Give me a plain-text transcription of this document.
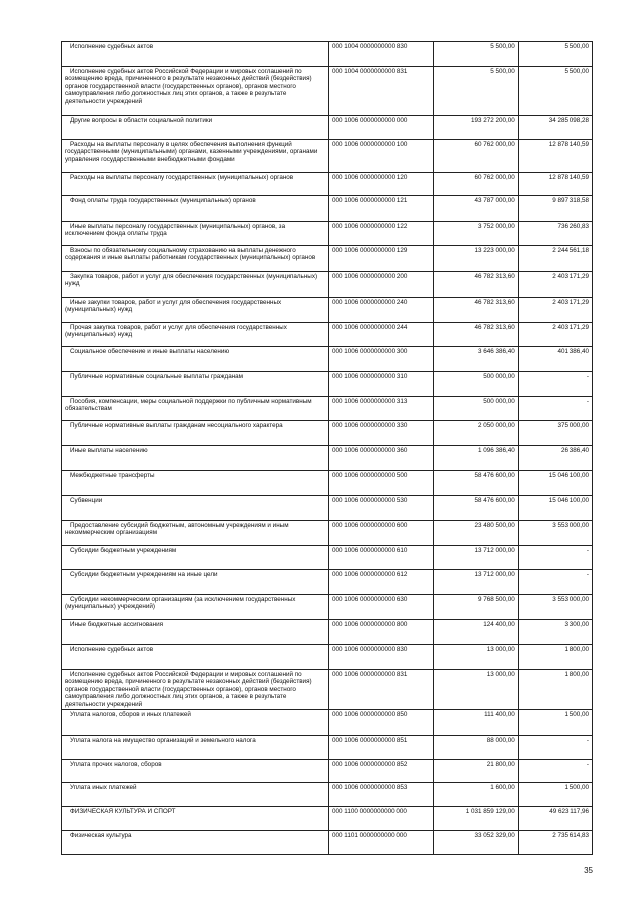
Исполнение судебных актов	000 1004 0000000000 830	5 500,00	5 500,00
Исполнение судебных актов Российской Федерации и мировых соглашений по возмещению вреда, причиненного в результате незаконных действий (бездействия) органов государственной власти (государственных органов), органов местного самоуправления либо должностных лиц этих органов, а также в результате деятельности учреждений	000 1004 0000000000 831	5 500,00	5 500,00
Другие вопросы в области социальной политики	000 1006 0000000000 000	193 272 200,00	34 285 098,28
Расходы на выплаты персоналу в целях обеспечения выполнения функций государственными (муниципальными) органами, казенными учреждениями, органами управления государственными внебюджетными фондами	000 1006 0000000000 100	60 762 000,00	12 878 140,59
Расходы на выплаты персоналу государственных (муниципальных) органов	000 1006 0000000000 120	60 762 000,00	12 878 140,59
Фонд оплаты труда государственных (муниципальных) органов	000 1006 0000000000 121	43 787 000,00	9 897 318,58
Иные выплаты персоналу государственных (муниципальных) органов, за исключением фонда оплаты труда	000 1006 0000000000 122	3 752 000,00	736 260,83
Взносы по обязательному социальному страхованию на выплаты денежного содержания и иные выплаты работникам государственных (муниципальных) органов	000 1006 0000000000 129	13 223 000,00	2 244 561,18
Закупка товаров, работ и услуг для обеспечения государственных (муниципальных) нужд	000 1006 0000000000 200	46 782 313,60	2 403 171,29
Иные закупки товаров, работ и услуг для обеспечения государственных (муниципальных) нужд	000 1006 0000000000 240	46 782 313,60	2 403 171,29
Прочая закупка товаров, работ и услуг для обеспечения государственных (муниципальных) нужд	000 1006 0000000000 244	46 782 313,60	2 403 171,29
Социальное обеспечение и иные выплаты населению	000 1006 0000000000 300	3 646 386,40	401 386,40
Публичные нормативные социальные выплаты гражданам	000 1006 0000000000 310	500 000,00	-
Пособия, компенсации, меры социальной поддержки по публичным нормативным обязательствам	000 1006 0000000000 313	500 000,00	-
Публичные нормативные выплаты гражданам несоциального характера	000 1006 0000000000 330	2 050 000,00	375 000,00
Иные выплаты населению	000 1006 0000000000 360	1 096 386,40	26 386,40
Межбюджетные трансферты	000 1006 0000000000 500	58 476 600,00	15 046 100,00
Субвенции	000 1006 0000000000 530	58 476 600,00	15 046 100,00
Предоставление субсидий бюджетным, автономным учреждениям и иным некоммерческим организациям	000 1006 0000000000 600	23 480 500,00	3 553 000,00
Субсидии бюджетным учреждениям	000 1006 0000000000 610	13 712 000,00	-
Субсидии бюджетным учреждениям на иные цели	000 1006 0000000000 612	13 712 000,00	-
Субсидии некоммерческим организациям (за исключением государственных (муниципальных) учреждений)	000 1006 0000000000 630	9 768 500,00	3 553 000,00
Иные бюджетные ассигнования	000 1006 0000000000 800	124 400,00	3 300,00
Исполнение судебных актов	000 1006 0000000000 830	13 000,00	1 800,00
Исполнение судебных актов Российской Федерации и мировых соглашений по возмещению вреда, причиненного в результате незаконных действий (бездействия) органов государственной власти (государственных органов), органов местного самоуправления либо должностных лиц этих органов, а также в результате деятельности учреждений	000 1006 0000000000 831	13 000,00	1 800,00
Уплата налогов, сборов и иных платежей	000 1006 0000000000 850	111 400,00	1 500,00
Уплата налога на имущество организаций и земельного налога	000 1006 0000000000 851	88 000,00	-
Уплата прочих налогов, сборов	000 1006 0000000000 852	21 800,00	-
Уплата иных платежей	000 1006 0000000000 853	1 600,00	1 500,00
ФИЗИЧЕСКАЯ КУЛЬТУРА И СПОРТ	000 1100 0000000000 000	1 031 859 129,00	49 623 117,96
Физическая культура	000 1101 0000000000 000	33 052 329,00	2 735 614,83
35
